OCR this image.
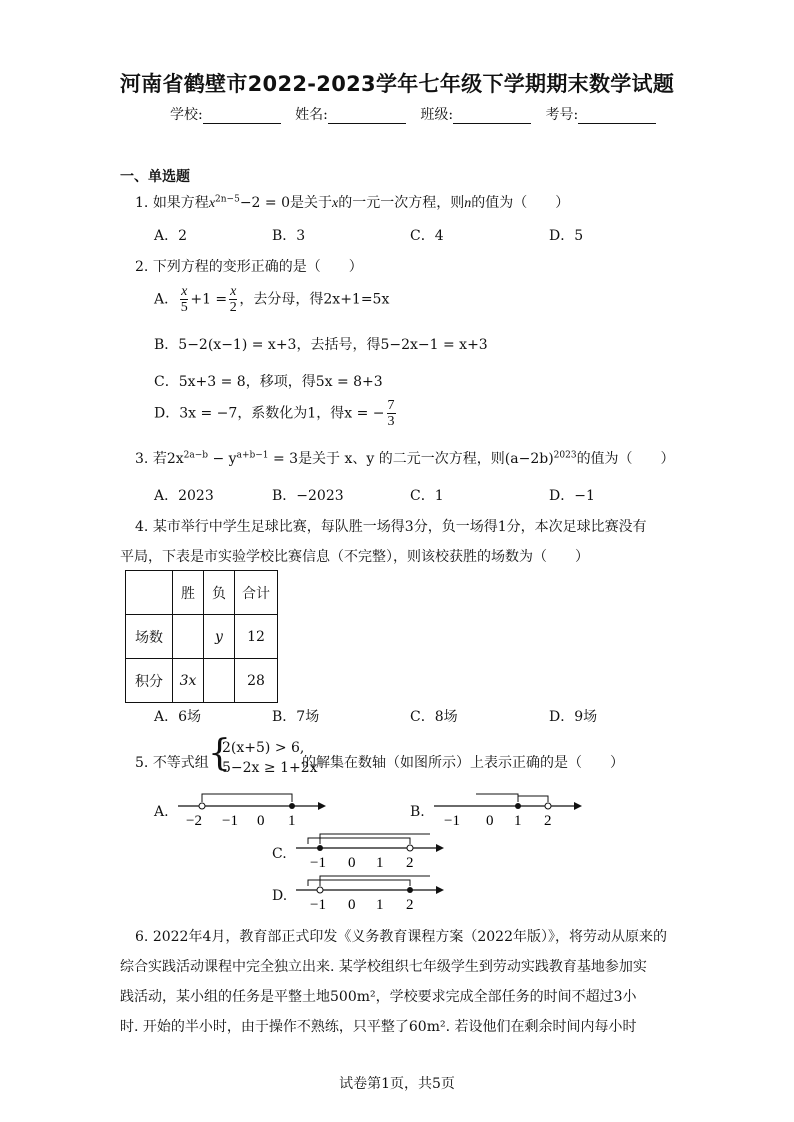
河南省鹤壁市2022-2023学年七年级下学期期末数学试题
学校:	姓名:	班级:	考号:
一、单选题
1. 如果方程$x^{2n-5}-2 = 0$是关于x的一元一次方程，则n的值为（　　）
A．2	B．3	C．4	D．5
2. 下列方程的变形正确的是（　　）
A． $\frac{x}{5} +1 = \frac{x}{2}$ ，去分母，得2x+1=5x
B．5−2(x−1) = x+3，去括号，得5−2x−1 = x+3
C．5x+3 = 8，移项，得5x = 8+3
D．3x = −7，系数化为1，得x = − $\frac{7}{3}$
3. 若$2x^{2a-b} - y^{a+b-1} = 3$是关于 x、y 的二元一次方程，则$(a-2b)^{2023}$的值为（　　）
A．2023	B．−2023	C．1	D．−1
4. 某市举行中学生足球比赛，每队胜一场得3分，负一场得1分，本次足球比赛没有
平局，下表是市实验学校比赛信息（不完整），则该校获胜的场数为（　　）
	胜	负	合计
场数		y	12
积分	3x		28
A．6场	B．7场	C．8场	D．9场
5. 不等式组 {
2(x+5) > 6,
5−2x ≥ 1+2x
的解集在数轴（如图所示）上表示正确的是（　　）
A.
−2 −1 0 1
B.
−1 0 1 2
C.
−1 0 1 2
D.
−1 0 1 2
6. 2022年4月，教育部正式印发《义务教育课程方案（2022年版）》，将劳动从原来的
综合实践活动课程中完全独立出来. 某学校组织七年级学生到劳动实践教育基地参加实
践活动，某小组的任务是平整土地500m²，学校要求完成全部任务的时间不超过3小
时. 开始的半小时，由于操作不熟练，只平整了60m². 若设他们在剩余时间内每小时
试卷第1页，共5页
